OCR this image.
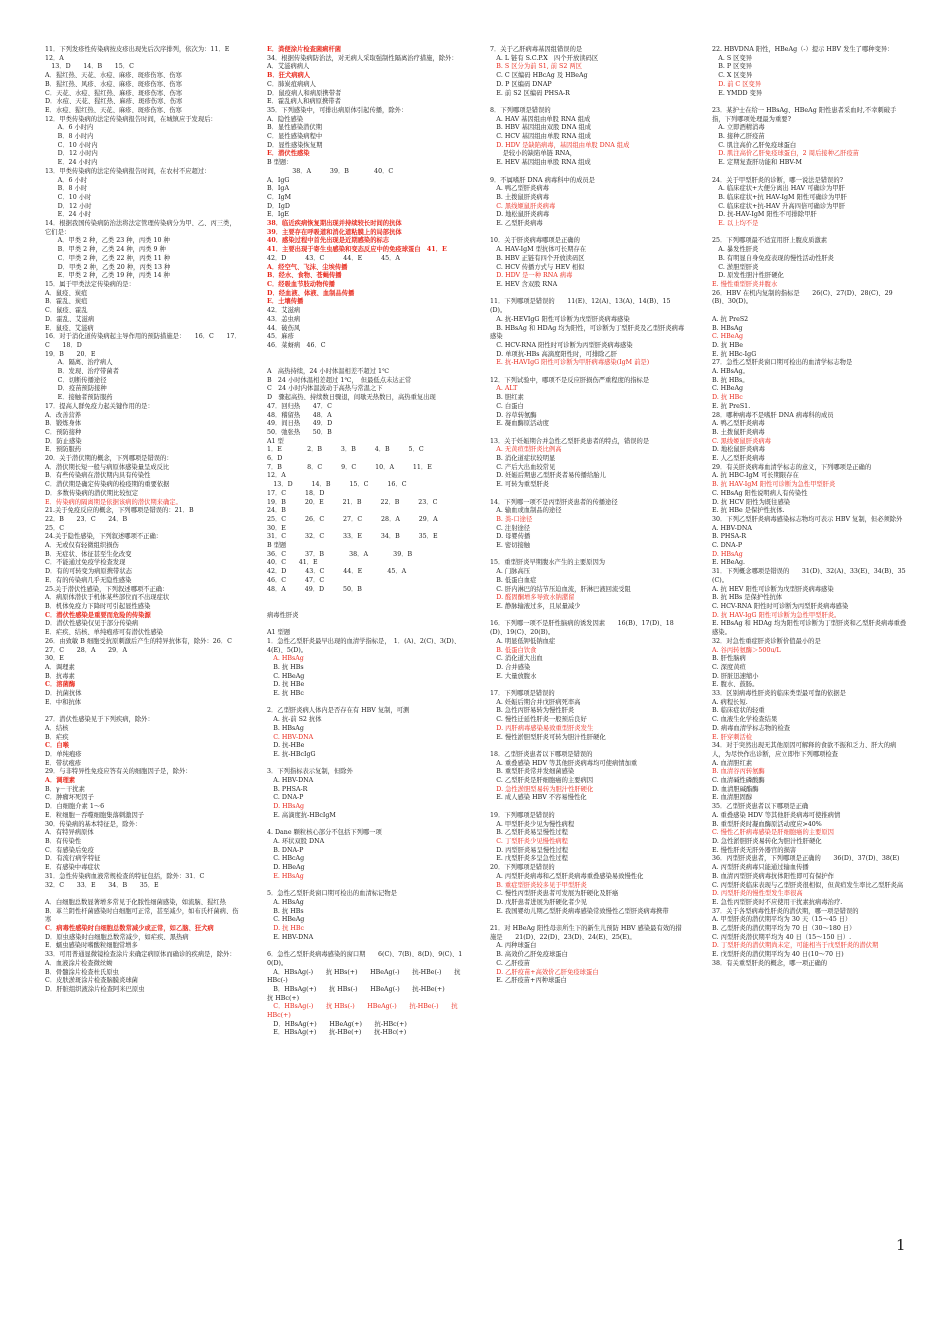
11．下列发疹性传染病按皮疹出现先后次序排列，依次为：11．E　　12．A
　13．D　　14．B　　15．C
A．猩红热、天花、水痘、麻疹、斑疹伤寒、伤寒
B．猩红热、风疹、水痘、麻疹、斑疹伤寒、伤寒
C．天花、水痘、猩红热、麻疹、斑疹伤寒、伤寒
D．水痘、天花、猩红热、麻疹、斑疹伤寒、伤寒
E．水痘、猩红热、天花、麻疹、斑疹伤寒、伤寒
12．甲类传染病的法定传染病报告时间，在城镇应于发现后：
　　A．6 小时内
　　B．8 小时内
　　C．10 小时内
　　D．12 小时内
　　E．24 小时内
13．甲类传染病的法定传染病报告时间，在农村不应超过：
　　A．6 小时
　　B．8 小时
　　C．10 小时
　　D．12 小时
　　E．24 小时
14．根据我国传染病防治法将法定管理传染病分为甲、乙、丙三类，它们是：
　　A．甲类 2 种，乙类 23 种，丙类 10 种
　　B．甲类 2 种，乙类 24 种，丙类 9 种
　　C．甲类 2 种，乙类 22 种，丙类 11 种
　　D．甲类 2 种，乙类 20 种，丙类 13 种
　　E．甲类 2 种，乙类 19 种，丙类 14 种
15．属于甲类法定传染病的是：
A．鼠疫、炭疽
B．霍乱、炭疽
C．鼠疫、霍乱
D．霍乱、艾滋病
E．鼠疫、艾滋病
16．对于消化道传染病起主导作用的预防措施是：　　16．C　　17．C　　18．D
19．B　　20．E
　　A．隔离、治疗病人
　　B．发现、治疗带菌者
　　C．切断传播途径
　　D．疫苗预防接种
　　E．接触者预防服药
17．提高人群免疫力起关键作用的是：
A．改善营养
B．锻炼身体
C．预防接种
D．防止感染
E．预防服药
20．关于潜伏期的概念，下列哪项是错误的：
A．潜伏期长短一般与病原体感染量呈成反比
B．有些传染病在潜伏期内具有传染性
C．潜伏期是确定传染病的检疫期的重要依据
D．多数传染病的潜伏期比较恒定
E．传染病的隔离期是依据该病的潜伏期来确定。
21.关于免疫反应的概念，下列哪项是错误的：21．B
22．B　　23．C　　24．B
25．C
24.关于隐性感染，下列叙述哪项不正确：
A．无或仅有轻微组织损伤
B．无症状、体征甚至生化改变
C．不能通过免疫学检查发现
D．有的可转变为病原携带状态
E．有的传染病几乎无隐性感染
25.关于潜伏性感染，下列叙述哪项不正确：
A．病原体潜伏于机体某些部位而不出现症状
B．机体免疫力下降时可引起显性感染
C．潜伏性感染是重要而危险的传染源
D．潜伏性感染仅见于部分传染病
E．疟疾、结核、单纯疱疹可有潜伏性感染
26．由致敏 B 细胞受抗原刺激后产生的特异抗体有，除外：26．C　　27．C　　28．A　　29．A
30．E
A．调理素
B．抗毒素
C．溶菌酶
D．抗菌抗体
E．中和抗体

27．潜伏性感染见于下列疾病，除外：
A．结核
B．疟疾
C．白喉
D．单纯疱疹
E．带状疱疹
29．与非特异性免疫应答有关的细胞因子是，除外：
A．调理素
B．γ－干扰素
C．肿瘤坏死因子
D．白细胞介素 1～6
E．粒细胞－吞噬细胞集落刺激因子
30．传染病的基本特征是，除外：
A．有特异病原体
B．有传染性
C．有感染后免疫
D．有流行病学特征
E．有感染中毒症状
31．急性传染病血液常规检查的特征包括，除外：31．C
32．C　　33．E　　34．B　　35．E

A．白细胞总数显著增多常见于化脓性细菌感染，如流脑、猩红热
B．革兰阴性杆菌感染时白细胞可正常，甚至减少，如布氏杆菌病、伤寒
C．病毒性感染时白细胞总数常减少或正常，如乙脑、狂犬病
D．原虫感染时白细胞总数常减少，如疟疾、黑热病
E．蠕虫感染时嗜酸粒细胞常增多
33．可用普通显微镜检查涂片来确定病原体而确诊的疾病是，除外：
A．血液涂片检查微丝蚴
B．骨髓涂片检查杜氏原虫
C．皮肤淤斑涂片检查脑膜炎球菌
D．肝脏组织液涂片检查阿米巴原虫
E．粪便涂片检查菌痢杆菌
34．根据传染病防治法，对无病人采取强制性隔离治疗措施，除外：
A．艾滋病病人
B．狂犬病病人
C．肺炭疽病病人
D．鼠疫病人和病原携带者
E．霍乱病人和病原携带者
35．下列感染中，可排出病原体引起传播，除外：
A．隐性感染
B．显性感染潜伏期
C．显性感染病程中
D．显性感染恢复期
E．潜伏性感染
B 型题：
　　　　38．A　　　39．B　　　　40．C
A．IgG
B．IgA
C．IgM
D．IgD
E．IgE
38．临近疾病恢复期出现并持续较长时间的抗体
39．主要存在呼吸道和消化道粘膜上的局部抗体
40．感染过程中首先出现是近期感染的标志
41．主要出现于寄生虫感染和变态反应中的免疫球蛋白　41．E
42．D　　　43．C　　　44．E　　　45．A
A．经空气、飞沫、尘埃传播
B．经水、食物、苍蝇传播
C．经吸血节肢动物传播
D．经血液、体液、血制品传播
E．土壤传播
42．艾滋病
43．恙虫病
44．破伤风
45．麻疹
46．菜蚜病　46．C

A　高热持续，24 小时体温相差不超过 1℃
B　24 小时体温相差超过 1℃，　但最低点未达正常
C　24 小时内体温波动于高热与常温之下
D　骤起高热、持续数日骤退，间歇无热数日，高热重复出现
47．回归热　　47．C
48．稽留热　　48．A
49．间日热　　49．D
50．弛张热　　50．B
A1 型
1．E　　　　2．B　　　3．B　　　4．B　　　5．C
6．D
7．B　　　　8．C　　　9．C　　　10．A　　　11．E
12．A
　13．D　　　14．B　　　15．C　　　16．C
17．C　　　18．D
19．B　　　20．E　　　21．B　　　22．B　　　23．C
24．B
25．C　　　26．C　　　27．C　　　28．A　　　29．A
30．E
31．C　　　32．C　　　33．E　　　34．B　　　35．E
B 型题
36．C　　　37．B　　　　38．A　　　　39．B
40．C　　41．E
42．D　　　43．C　　　44．E　　　　45．A
46．C　　　47．C
48．A　　　49．D　　　50．B

病毒性肝炎

A1 型题
1．急性乙型肝炎最早出现的血清学指标是，　1．(A)、2(C)、3(D)、4(E)、5(D)。
　A. HBsAg
　B. 抗 HBs
　C. HBeAg
　D. 抗 HBe
　E. 抗 HBc

2．乙型肝炎病人体内是否存在有 HBV 复制，可测
　A. 抗-前 S2 抗体
　B. HBsAg
　C. HBV-DNA
　D. 抗-HBe
　E. 抗-HBcIgG

3．下列指标表示复制，但除外
　A. HBV-DNA
　B. PHSA-R
　C. DNA-P
　D. HBsAg
　E. 高滴度抗-HBcIgM

4. Dane 颗粒核心部分不包括下列哪一项
　A. 环状双股 DNA
　B. DNA-P
　C. HBcAg
　D. HBeAg
　E. HBsAg

5．急性乙型肝炎窗口期可检出的血清标记物是
　A. HBsAg
　B. 抗 HBs
　C. HBeAg
　D. 抗 HBc
　E. HBV-DNA

6．急性乙型肝炎病毒感染的窗口期　　6(C)、7(B)、8(D)、9(C)、10(D)。
　A．HBsAg(-)　　抗 HBs(+)　　HBeAg(-)　　抗-HBe(-)　　抗 HBc(-)
　B．HBsAg(+)　　抗 HBs(-)　　HBeAg(-)　　抗-HBe(+)　　抗 HBc(+)
　C．HBsAg(-)　　抗 HBs(-)　　HBeAg(-)　　抗-HBe(-)　　抗 HBc(+)
　D．HBsAg(+)　　HBeAg(+)　　抗-HBc(+)
　E．HBsAg(+)　　抗-HBe(+)　　抗-HBc(+)
7．关于乙肝病毒基因组错误的是
　A. L 链有 S.C.P.X　四个开放读码区
　B. S 区分为前 S1, 前 S2 两区
　C. C 区编码 HBcAg 及 HBeAg
　D. P 区编码 DNAP
　E. 前 S2 区编码 PHSA-R

8．下列哪项是错误的
　A. HAV 基因组由单股 RNA 组成
　B. HBV 基因组由双股 DNA 组成
　C. HCV 基因组由单股 RNA 组成
　D. HDV 是缺陷病毒，基因组由单股 DNA 组成
　　是较小的缺陷单链 RNA，
　E. HEV 基因组由单股 RNA 组成

9．不属嗜肝 DNA 病毒科中的成员是
　A. 鸭乙型肝炎病毒
　B. 土拨鼠肝炎病毒
　C. 黑线姬鼠肝炎病毒
　D. 地松鼠肝炎病毒
　E. 乙型肝炎病毒

10．关于肝炎病毒哪项是正确的
　A. HAV-IgM 型抗体可长期存在
　B. HBV 正链有四个开放读码区
　C. HCV 传播方式与 HEV 相似
　D. HDV 是一种 RNA 病毒
　E. HEV 含双股 RNA

11．下列哪项是错误的　　11(E)、12(A)、13(A)、14(B)、15(D)。
　A. 抗-HEVIgG 阳性可诊断为戊型肝炎病毒感染
　B. HBsAg 和 HDAg 均为阳性，可诊断为丁型肝炎及乙型肝炎病毒感染
　C. HCV-RNA 阳性时可诊断为丙型肝炎病毒感染
　D. 单项抗-HBs 高滴度阳性时，可排除乙肝
　E. 抗-HAVIgG 阳性可诊断为甲肝病毒感染(IgM 前是)

12．下列试验中，哪项不是反应肝损伤严重程度的指标是
　A. ALT
　B. 胆红素
　C. 白蛋白
　D. 谷草转氨酶
　E. 凝血酶原活动度

13．关于妊娠期合并急性乙型肝炎患者的特点，错误的是
　A. 无黄疸型肝炎比例高
　B. 消化道症状较明显
　C. 产后大出血较常见
　D. 妊娠后期患乙型肝炎者易传播给胎儿
　E. 可转为重型肝炎

14．下列哪一项不是丙型肝炎患者的传播途径
　A. 输血或血制品的途径
　B. 粪-口途径
　C. 注射途径
　D. 母婴传播
　E. 密切接触

15．重型肝炎早期腹水产生的主要原因为
　A. 门脉高压
　B. 低蛋白血症
　C. 肝内淋巴的结节压迫血流，肝淋巴液回流受阻
　D. 醛固酮增多导致水钠潴留
　E. 静脉输液过多，且尿量减少

16．下列哪一项不是肝性脑病的诱发因素　　16(B)、17(D)、18(D)、19(C)、20(B)。
　A. 明显低钾低钠血症
　B. 低蛋白饮食
　C. 消化道大出血
　D. 合并感染
　E. 大量放腹水

17．下列哪项是错误的
　A. 妊娠后期合并戊肝病死率高
　B. 急性丙肝易转为慢性肝炎
　C. 慢性迁延性肝炎一般预后良好
　D. 丙肝病毒感染易致重型肝炎发生
　E. 慢性淤胆型肝炎可转为胆汁性肝硬化

18．乙型肝炎患者以下哪项是错误的
　A. 重叠感染 HDV 等其他肝炎病毒均可使病情加重
　B. 重型肝炎常并发细菌感染
　C. 乙型肝炎是肝细胞癌的主要病因
　D. 急性淤胆型易转为胆汁性肝硬化
　E. 成人感染 HBV 不容易慢性化

19．下列哪项是错误的
　A. 甲型肝炎少见为慢性病程
　B. 乙型肝炎易呈慢性过程
　C. 丁型肝炎少见慢性病程
　D. 丙型肝炎易呈慢性过程
　E. 戊型肝炎多呈急性过程
20．下列哪项是错误的
　A. 丙型肝炎病毒和乙型肝炎病毒重叠感染易致慢性化
　B. 重症型肝炎较多见于甲型肝炎
　C. 慢性丙型肝炎患者可发展为肝硬化及肝癌
　D. 戊肝患者进展为肝硬化者少见
　E. 我国婴幼儿期乙型肝炎病毒感染常致慢性乙型肝炎病毒携带

21．对 HBeAg 阳性母亲所生下的新生儿预防 HBV 感染最有效的措施是　　21(D)、22(D)、23(D)、24(E)、25(E)。
　A. 丙种球蛋白
　B. 高效价乙肝免疫球蛋白
　C. 乙肝疫苗
　D. 乙肝疫苗+高效价乙肝免疫球蛋白
　E. 乙肝疫苗+丙种球蛋白
22. HBVDNA 阳性，HBeAg（-）提示 HBV 发生了哪种变异：
　A. S 区变异
　B. P 区变异
　C. X 区变异
　D. 前 C 区变异
　E. YMDD 变异

23．某护士在给一 HBsAg、HBeAg 阳性患者采血时,不幸刺破手指，下列哪项处理最为重要?
　A. 立即酒精消毒
　B. 接种乙肝疫苗
　C. 肌注高价乙肝免疫球蛋白
　D. 肌注高价乙肝免疫球蛋白，2 周后接种乙肝疫苗
　E. 定期复查肝功能和 HBV-M

24．关于甲型肝炎的诊断，哪一说法是错误的?
　A. 临床症状+大便分离出 HAV 可确诊为甲肝
　B. 临床症状+抗 HAV-IgM 阳性可确诊为甲肝
　C. 临床症状+抗-HAV 升高四倍可确诊为甲肝
　D. 抗-HAV-IgM 阳性不可排除甲肝
　E. 以上均不是

25．下列哪项最不适宜用肝上腹皮质激素
　A. 暴发性肝炎
　B. 有明显自身免疫表现的慢性活动性肝炎
　C. 淤胆型肝炎
　D. 原发性胆汁性肝硬化
E. 慢性重型肝炎并腹水
26．HBV 在机内复制的指标是　　26(C)、27(D)、28(C)、29(B)、30(D)。

A. 抗 PreS2
B. HBsAg
C. HBeAg
D. 抗 HBe
E. 抗 HBc-IgG
27．急性乙型肝炎窗口期可检出的血清学标志物是
A. HBsAg。
B. 抗 HBs。
C. HBeAg
D. 抗 HBc
E. 抗 PreS1.
28．哪种病毒不是嗜肝 DNA 病毒科的成员
A. 鸭乙型肝炎病毒
B. 土拨鼠肝炎病毒
C. 黑线姬鼠肝炎病毒
D. 地松鼠肝炎病毒
E. 人乙型肝炎病毒
29．有关肝炎病毒血清学标志的意义，下列哪项是正确的
A. 抗 HBC-IgM 可长期限存在
B. 抗 HAV-IgM 阳性可诊断为急性甲型肝炎
C. HBsAg 阳性说明病人有传染性
D. 抗 HCV 阳性为既往感染
E. 抗 HBe 是保护性抗体.
30．下列乙型肝炎病毒感染标志物均可表示 HBV 复制，但必须除外
A. HBV-DNA
B. PHSA-R
C. DNA-P
D. HBsAg
E. HBeAg.
31．下列概念哪项是错误的　　31(D)、32(A)、33(E)、34(B)、35(C)。
A. 抗 HEV 阳性可诊断为戊型肝炎病毒感染
B. 抗 HBs 是保护性抗体
C. HCV-RNA 阳性时可诊断为丙型肝炎病毒感染
D. 抗 HAV-IgG 阳性可诊断为急性甲型肝炎。
E. HBsAg 和 HDAg 均为阳性可诊断为丁型肝炎和乙型肝炎病毒重叠感染。
32．对急性重症肝炎诊断价值最小的是
A. 谷丙转氨酶＞500u/L
B. 肝性脑病
C. 深度黄疸
D. 肝脏迅速缩小
E. 腹水、鼓肠。
33．区别病毒性肝炎的临床类型最可靠的依据是
A. 病程长短.
B. 临床症状的轻重
C. 血液生化学检查结果
D. 病毒血清学标志物的检查
E. 肝穿刺活检
34．对于突然出现无其他原因可解释的食欲不振和乏力、肝大的病人，为尽快作出诊断，应立即作下列哪项检查
A. 血清胆红素
B. 血清谷丙转氨酶
C. 血清碱性磷酸酶
D. 血清胆碱酯酶
E. 血清胆固醇
35．乙型肝炎患者以下哪项是正确
A. 重叠感染 HDV 等其他肝炎病毒可使推病情
B. 重型肝炎时凝血酶原活动度应>40%
C. 慢性乙肝病毒感染是肝细胞癌的主要原因
D. 急性淤胆肝炎易转化为胆汁性肝硬化
E. 慢性肝炎无肝外器官的损害
36．丙型肝炎患者，下列哪项是正确的　　36(D)、37(D)、38(E)
A. 丙型肝炎病毒只能通过输血传播
B. 血清丙型肝炎病毒抗体阳性即可有保护作
C. 丙型肝炎临床表现与乙型肝炎很相似，但黄疸发生率比乙型肝炎高
D. 丙型肝炎的慢性型发生率很高
E. 急性丙型肝炎时不应使用干扰素抗病毒治疗.
37．关于各型病毒性肝炎的潜伏期，哪一项是错误的
A. 甲型肝炎的潜伏期平均为 30 天（15～45 日）
B. 乙型肝炎的潜伏期平均为 70 日（30～180 日）
C. 丙型肝炎潜伏期平均为 40 日（15～150 日）.
D. 丁型肝炎的潜伏期尚未定，可能相当于戊型肝炎的潜伏期
E. 戊型肝炎的潜伏期平均为 40 日(10～70 日)
38．有关重型肝炎的概念，哪一项正确的
1
